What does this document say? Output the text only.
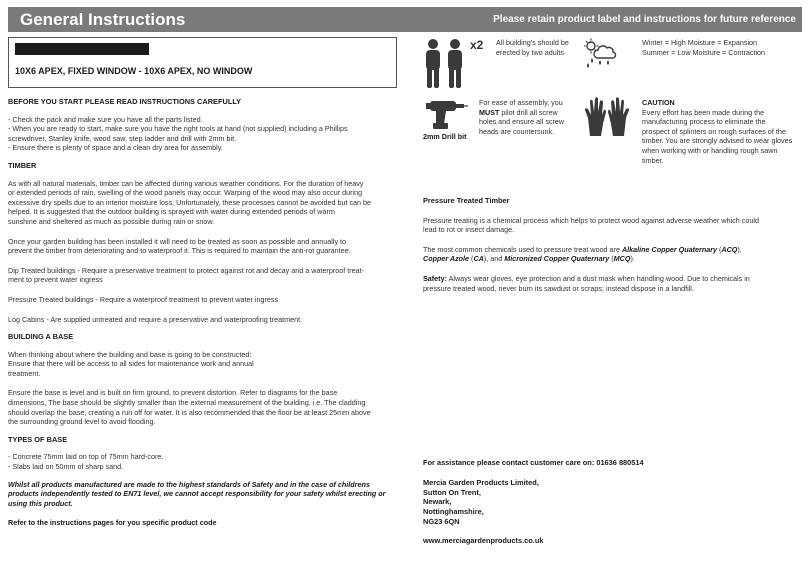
General Instructions	Please retain product label and instructions for future reference
10X6 APEX, FIXED WINDOW - 10X6 APEX, NO WINDOW
x2 All building's should be
erected by two adults
Winter = High Moisture = Expansion
Summer = Low Moisture = Contraction
2mm Drill bit
For ease of assembly, you
MUST pilot drill all screw
holes and ensure all screw
heads are countersunk.
CAUTION
Every effort has been made during the
manufacturing process to eliminate the
prospect of splinters on rough surfaces of the
timber. You are strongly advised to wear gloves
when working with or handling rough sawn
timber.
BEFORE YOU START PLEASE READ INSTRUCTIONS CAREFULLY

- Check the pack and make sure you have all the parts listed.

- When you are ready to start, make sure you have the right tools at hand (not supplied) including a Phillips

screwdriver, Stanley knife, wood saw, step ladder and drill with 2mm bit.

- Ensure there is plenty of space and a clean dry area for assembly.

TIMBER

As with all natural materials, timber can be affected during various weather conditions. For the duration of heavy

or extended periods of rain, swelling of the wood panels may occur. Warping of the wood may also occur during

excessive dry spells due to an interior moisture loss. Unfortunately, these processes cannot be avoided but can be

helped. It is suggested that the outdoor building is sprayed with water during extended periods of warm

sunshine and sheltered as much as possible during rain or snow.

Once your garden building has been installed it will need to be treated as soon as possible and annually to

prevent the timber from deteriorating and to waterproof it. This is required to maintain the anti-rot guarantee.

Dip Treated buildings - Require a preservative treatment to protect against rot and decay and a waterproof treat-

ment to prevent water ingress

Pressure Treated buildings - Require a waterproof treatment to prevent water ingress

Log Cabins - Are supplied untreated and require a preservative and waterproofing treatment.

BUILDING A BASE

When thinking about where the building and base is going to be constructed:

Ensure that there will be access to all sides for maintenance work and annual

treatment.

Ensure the base is level and is built on firm ground, to prevent distortion. Refer to diagrams for the base

dimensions, The base should be slightly smaller than the external measurement of the building, i.e. The cladding

should overlap the base, creating a run off for water. It is also recommended that the floor be at least 25mm above

the surrounding ground level to avoid flooding.

TYPES OF BASE

- Concrete 75mm laid on top of 75mm hard-core.

- Slabs laid on 50mm of sharp sand.

Whilst all products manufactured are made to the highest standards of Safety and in the case of childrens

products independently tested to EN71 level, we cannot accept responsibility for your safety whilst erecting or

using this product.

Refer to the instructions pages for you specific product code

Pressure Treated Timber

Pressure treating is a chemical process which helps to protect wood against adverse weather which could

lead to rot or insect damage.

The most common chemicals used to pressure treat wood are Alkaline Copper Quaternary (ACQ),

Copper Azole (CA), and Micronized Copper Quaternary (MCQ).

Safety: Always wear gloves, eye protection and a dust mask when handling wood. Due to chemicals in

pressure treated wood, never burn its sawdust or scraps; instead dispose in a landfill.

For assistance please contact customer care on: 01636 880514
Mercia Garden Products Limited,
Sutton On Trent,
Newark,
Nottinghamshire,
NG23 6QN
www.merciagardenproducts.co.uk
